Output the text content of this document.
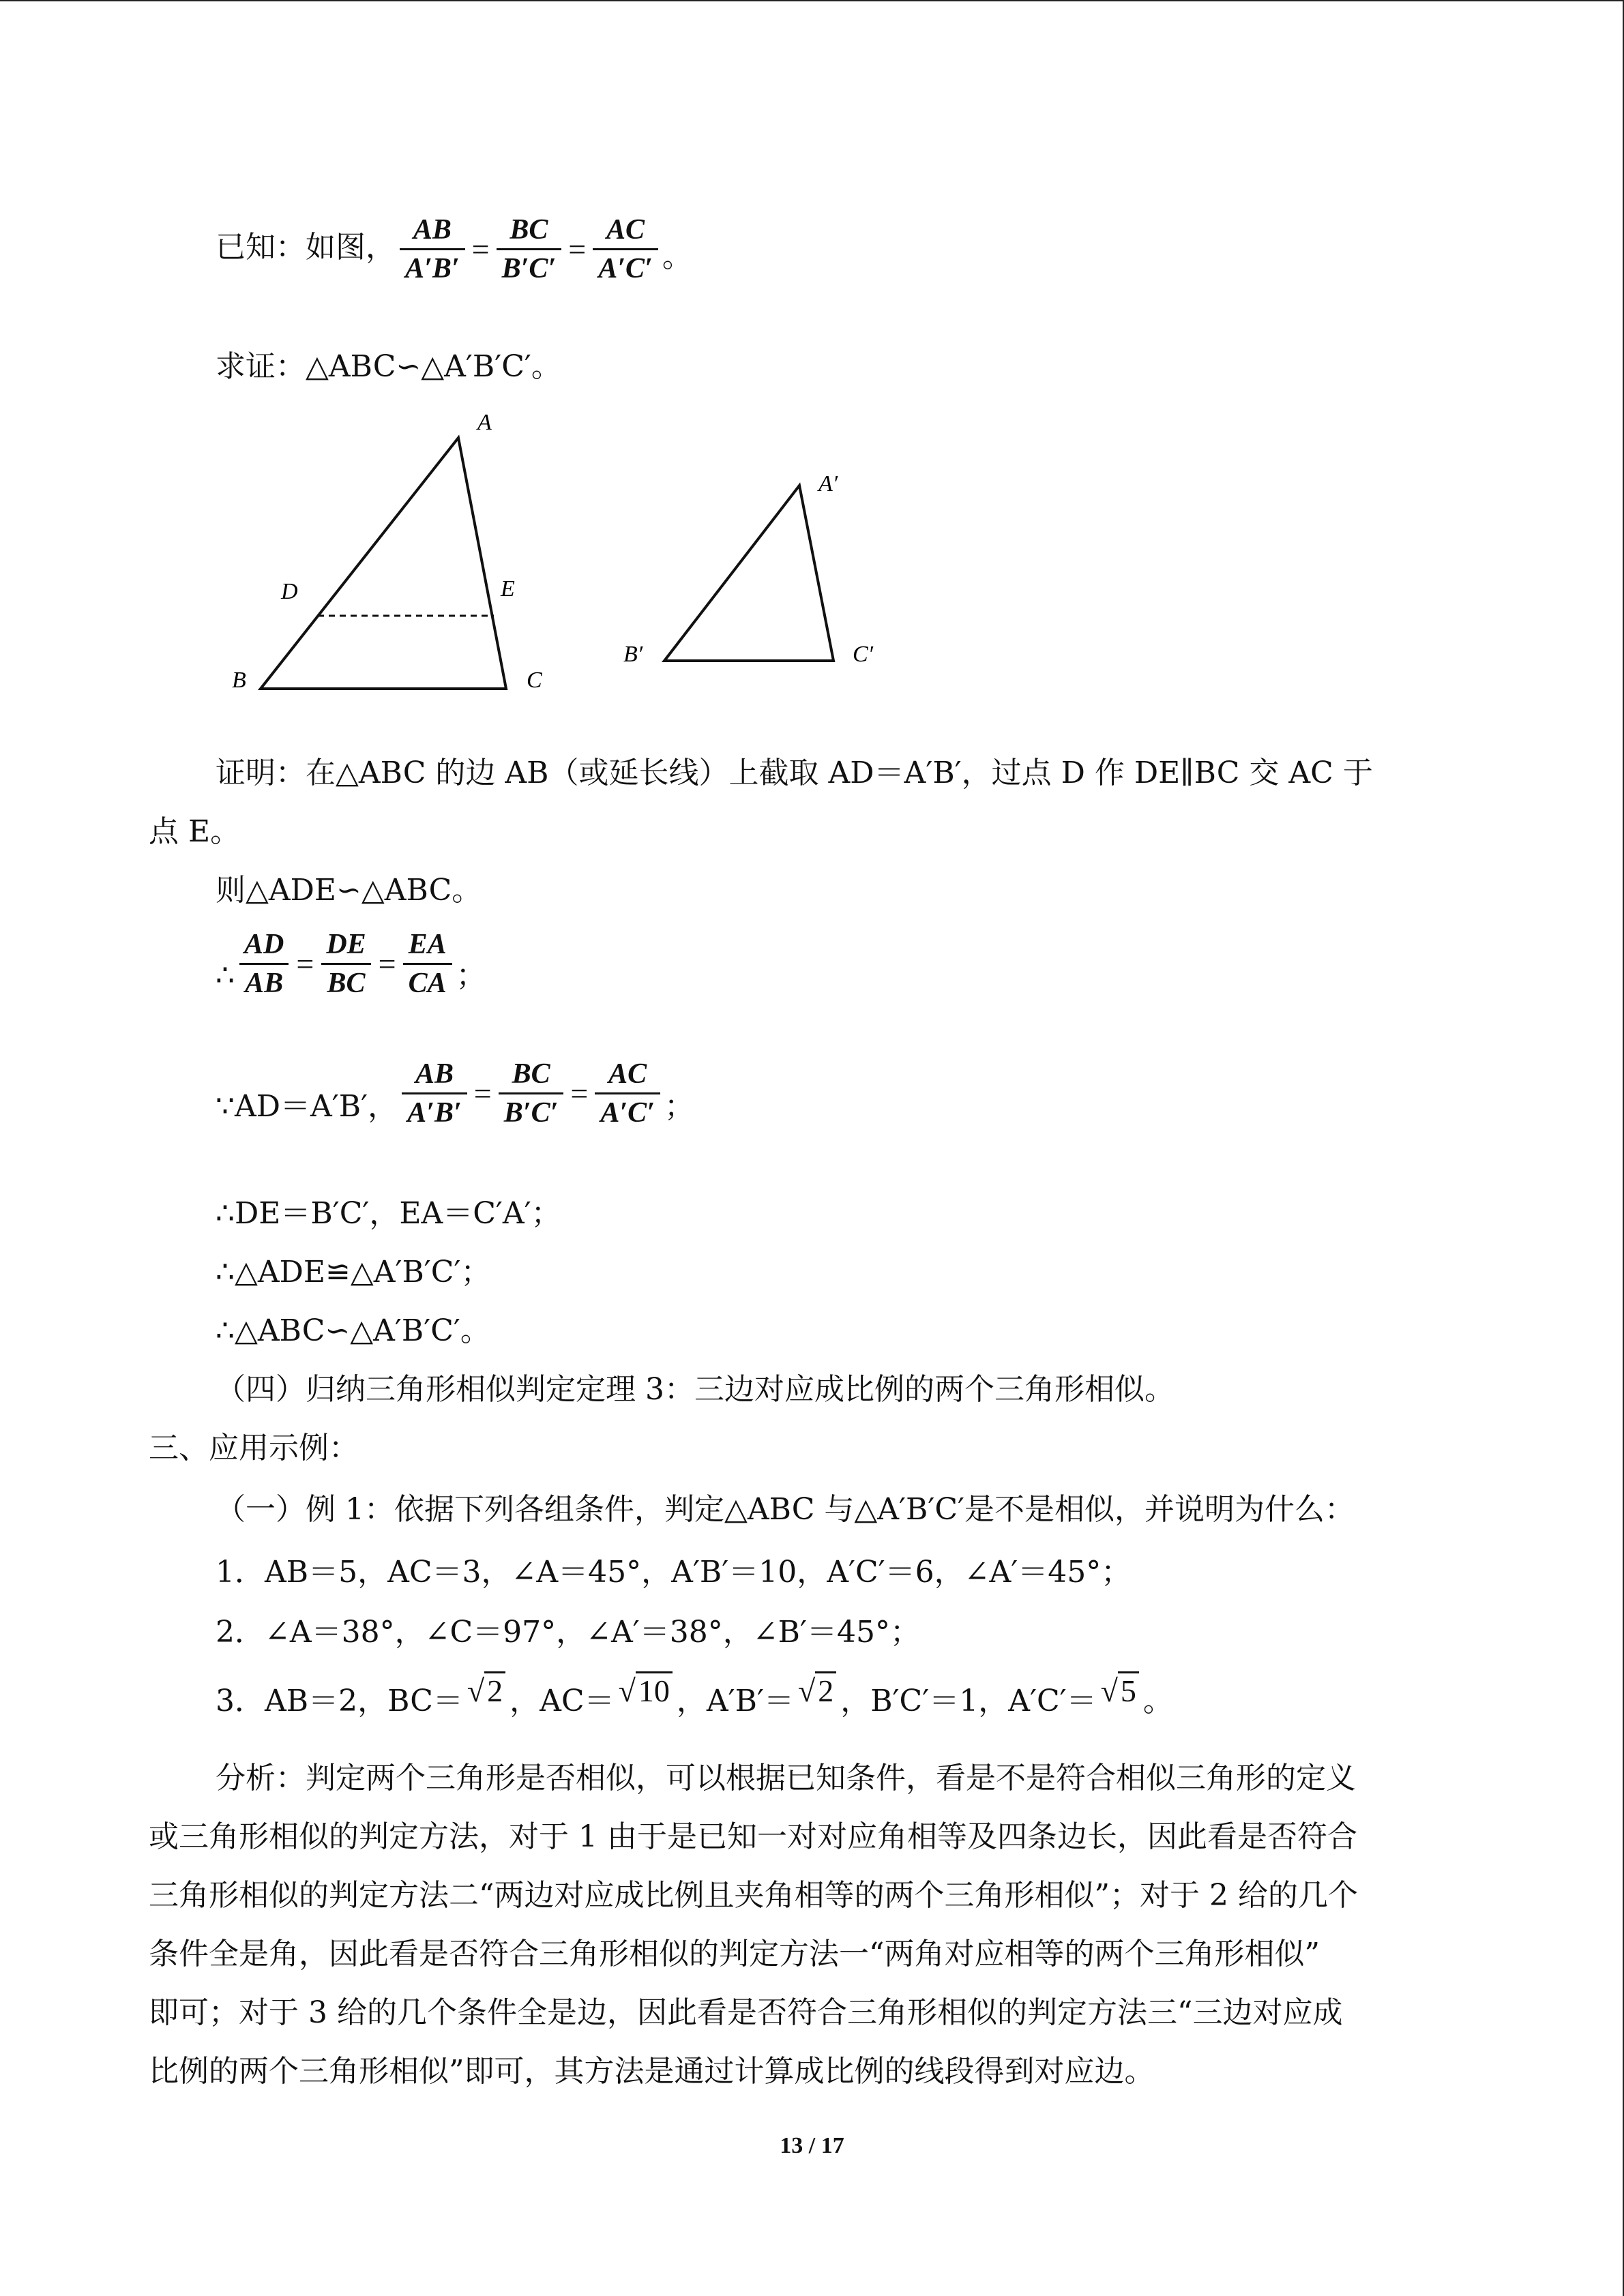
已知：如图， $\frac{AB}{A'B'} = \frac{BC}{B'C'} = \frac{AC}{A'C'}$ 。
求证：△ABC∽△A′B′C′。
A
B	C
D	E
A′
B′	C′
证明：在△ABC 的边 AB（或延长线）上截取 AD＝A′B′，过点 D 作 DE∥BC 交 AC 于
点 E。
则△ADE∽△ABC。
∴ $\frac{AD}{AB} = \frac{DE}{BC} = \frac{EA}{CA}$ ；
∵AD＝A′B′， $\frac{AB}{A'B'} = \frac{BC}{B'C'} = \frac{AC}{A'C'}$ ；
∴DE＝B′C′，EA＝C′A′；
∴△ADE≌△A′B′C′；
∴△ABC∽△A′B′C′。
（四）归纳三角形相似判定定理 3：三边对应成比例的两个三角形相似。
三、应用示例：
（一）例 1：依据下列各组条件，判定△ABC 与△A′B′C′是不是相似，并说明为什么：
1．AB＝5，AC＝3，∠A＝45°，A′B′＝10，A′C′＝6，∠A′＝45°；
2．∠A＝38°，∠C＝97°，∠A′＝38°，∠B′＝45°；
3．AB＝2，BC＝ √2 ，AC＝ √10 ，A′B′＝ √2 ，B′C′＝1，A′C′＝ √5 。
分析：判定两个三角形是否相似，可以根据已知条件，看是不是符合相似三角形的定义
或三角形相似的判定方法，对于 1 由于是已知一对对应角相等及四条边长，因此看是否符合
三角形相似的判定方法二“两边对应成比例且夹角相等的两个三角形相似”；对于 2 给的几个
条件全是角，因此看是否符合三角形相似的判定方法一“两角对应相等的两个三角形相似”
即可；对于 3 给的几个条件全是边，因此看是否符合三角形相似的判定方法三“三边对应成
比例的两个三角形相似”即可，其方法是通过计算成比例的线段得到对应边。
13 / 17
